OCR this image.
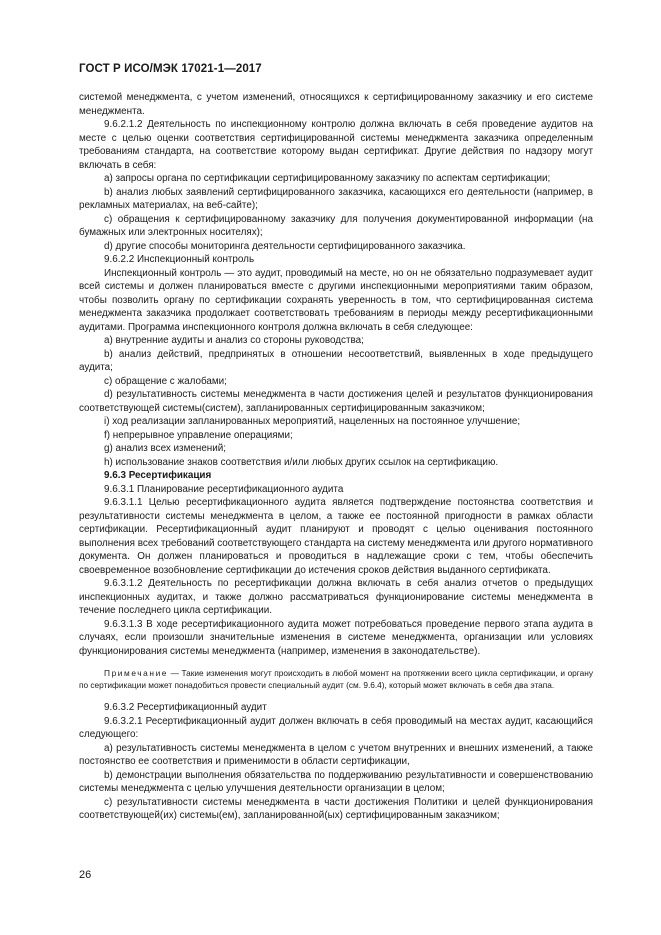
ГОСТ Р ИСО/МЭК 17021-1—2017

системой менеджмента, с учетом изменений, относящихся к сертифицированному заказчику и его системе менеджмента.

9.6.2.1.2 Деятельность по инспекционному контролю должна включать в себя проведение аудитов на месте с целью оценки соответствия сертифицированной системы менеджмента заказчика определенным требованиям стандарта, на соответствие которому выдан сертификат. Другие действия по надзору могут включать в себя:

a) запросы органа по сертификации сертифицированному заказчику по аспектам сертификации;

b) анализ любых заявлений сертифицированного заказчика, касающихся его деятельности (например, в рекламных материалах, на веб-сайте);

c) обращения к сертифицированному заказчику для получения документированной информации (на бумажных или электронных носителях);

d) другие способы мониторинга деятельности сертифицированного заказчика.

9.6.2.2 Инспекционный контроль

Инспекционный контроль — это аудит, проводимый на месте, но он не обязательно подразумевает аудит всей системы и должен планироваться вместе с другими инспекционными мероприятиями таким образом, чтобы позволить органу по сертификации сохранять уверенность в том, что сертифицированная система менеджмента заказчика продолжает соответствовать требованиям в периоды между ресертификационными аудитами. Программа инспекционного контроля должна включать в себя следующее:

a) внутренние аудиты и анализ со стороны руководства;

b) анализ действий, предпринятых в отношении несоответствий, выявленных в ходе предыдущего аудита;

c) обращение с жалобами;

d) результативность системы менеджмента в части достижения целей и результатов функционирования соответствующей системы(систем), запланированных сертифицированным заказчиком;

i) ход реализации запланированных мероприятий, нацеленных на постоянное улучшение;

f) непрерывное управление операциями;

g) анализ всех изменений;

h) использование знаков соответствия и/или любых других ссылок на сертификацию.

9.6.3 Ресертификация

9.6.3.1 Планирование ресертификационного аудита

9.6.3.1.1 Целью ресертификационного аудита является подтверждение постоянства соответствия и результативности системы менеджмента в целом, а также ее постоянной пригодности в рамках области сертификации. Ресертификационный аудит планируют и проводят с целью оценивания постоянного выполнения всех требований соответствующего стандарта на систему менеджмента или другого нормативного документа. Он должен планироваться и проводиться в надлежащие сроки с тем, чтобы обеспечить своевременное возобновление сертификации до истечения сроков действия выданного сертификата.

9.6.3.1.2 Деятельность по ресертификации должна включать в себя анализ отчетов о предыдущих инспекционных аудитах, и также должно рассматриваться функционирование системы менеджмента в течение последнего цикла сертификации.

9.6.3.1.3 В ходе ресертификационного аудита может потребоваться проведение первого этапа аудита в случаях, если произошли значительные изменения в системе менеджмента, организации или условиях функционирования системы менеджмента (например, изменения в законодательстве).

Примечание — Такие изменения могут происходить в любой момент на протяжении всего цикла сертификации, и органу по сертификации может понадобиться провести специальный аудит (см. 9.6.4), который может включать в себя два этапа.

9.6.3.2 Ресертификационный аудит

9.6.3.2.1 Ресертификационный аудит должен включать в себя проводимый на местах аудит, касающийся следующего:

a) результативность системы менеджмента в целом с учетом внутренних и внешних изменений, а также постоянство ее соответствия и применимости в области сертификации,

b) демонстрации выполнения обязательства по поддерживанию результативности и совершенствованию системы менеджмента с целью улучшения деятельности организации в целом;

c) результативности системы менеджмента в части достижения Политики и целей функционирования соответствующей(их) системы(ем), запланированной(ых) сертифицированным заказчиком;

26
